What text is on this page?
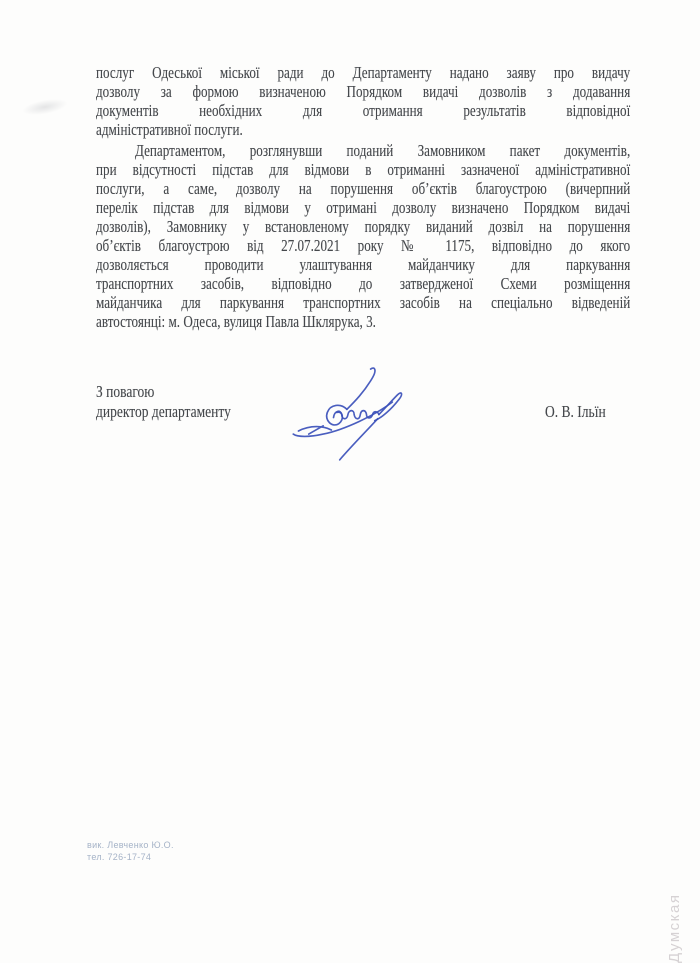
послуг Одеської міської ради до Департаменту надано заяву про видачу
дозволу за формою визначеною Порядком видачі дозволів з додавання
документів необхідних для отримання результатів відповідної
адміністративної послуги.
Департаментом, розглянувши поданий Замовником пакет документів,
при відсутності підстав для відмови в отриманні зазначеної адміністративної
послуги, а саме, дозволу на порушення об’єктів благоустрою (вичерпний
перелік підстав для відмови у отримані дозволу визначено Порядком видачі
дозволів), Замовнику у встановленому порядку виданий дозвіл на порушення
об’єктів благоустрою від 27.07.2021 року № 1175, відповідно до якого
дозволяється проводити улаштування майданчику для паркування
транспортних засобів, відповідно до затвердженої Схеми розміщення
майданчика для паркування транспортних засобів на спеціально відведеній
автостоянці: м. Одеса, вулиця Павла Шклярука, 3.
З повагою
директор департаменту	О. В. Ільїн
вик. Левченко Ю.О.
тел. 726-17-74
Думская
